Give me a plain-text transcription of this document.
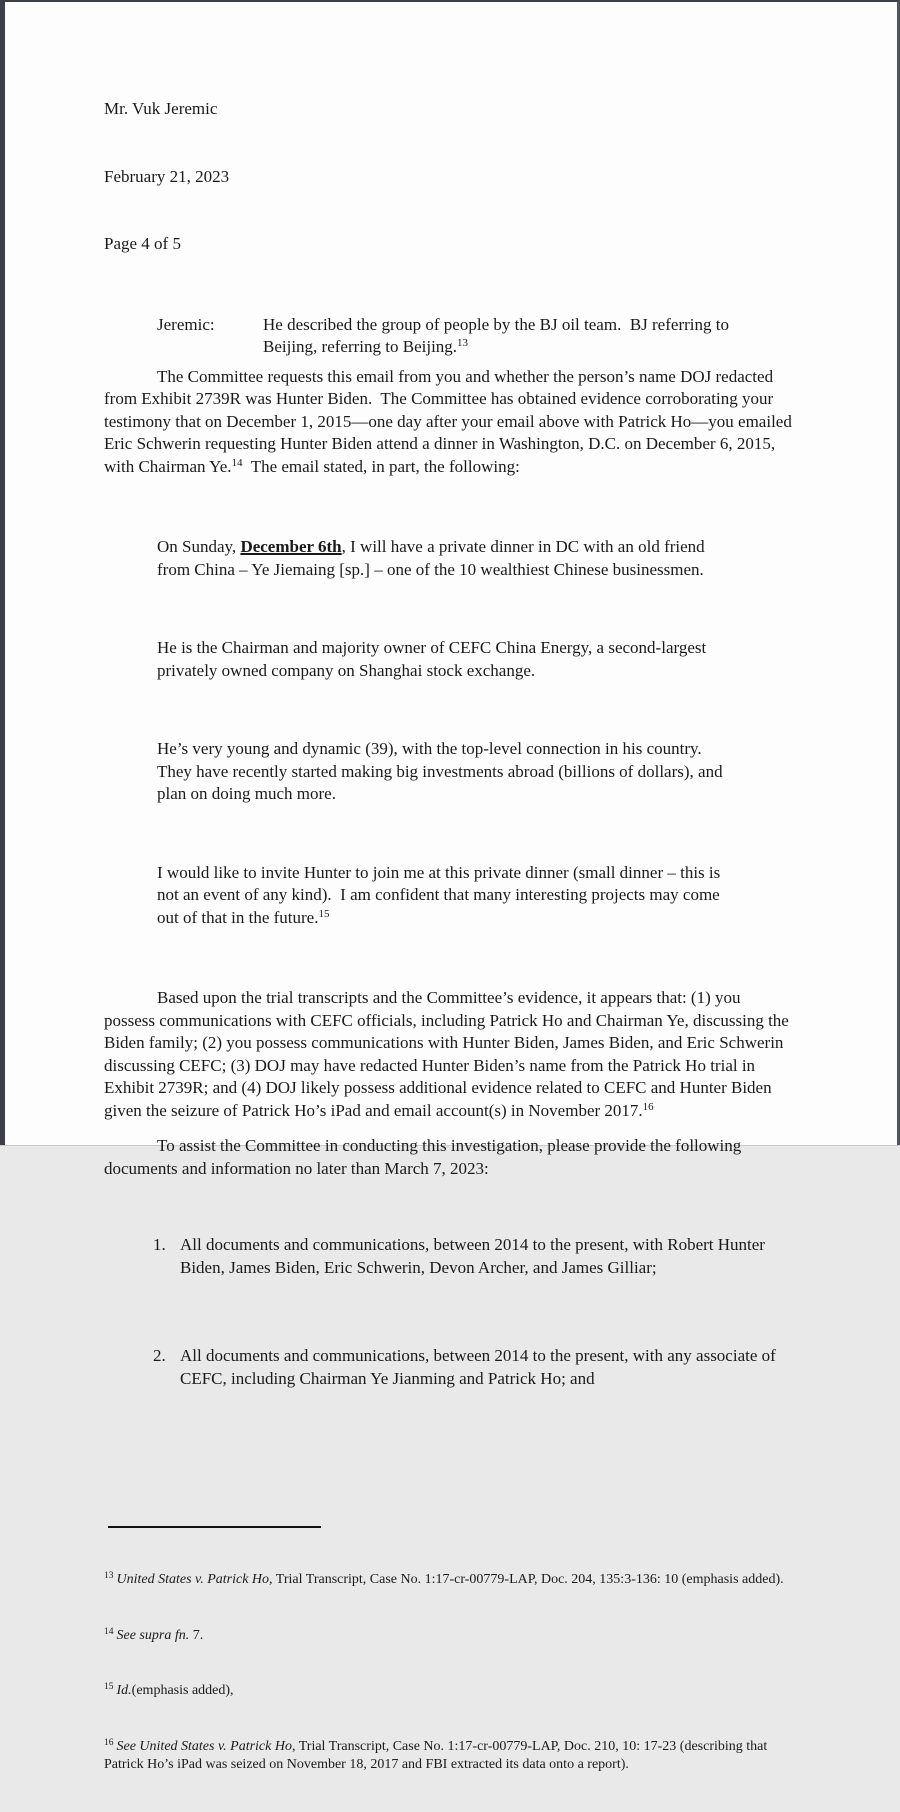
Mr. Vuk Jeremic

February 21, 2023

Page 4 of 5

Jeremic:	He described the group of people by the BJ oil team.  BJ referring to Beijing, referring to Beijing.$^{13}$

The Committee requests this email from you and whether the person’s name DOJ redacted from Exhibit 2739R was Hunter Biden.  The Committee has obtained evidence corroborating your testimony that on December 1, 2015—one day after your email above with Patrick Ho—you emailed Eric Schwerin requesting Hunter Biden attend a dinner in Washington, D.C. on December 6, 2015, with Chairman Ye.$^{14}$  The email stated, in part, the following:

On Sunday, December 6th, I will have a private dinner in DC with an old friend from China – Ye Jiemaing [sp.] – one of the 10 wealthiest Chinese businessmen.

He is the Chairman and majority owner of CEFC China Energy, a second-largest privately owned company on Shanghai stock exchange.

He’s very young and dynamic (39), with the top-level connection in his country. They have recently started making big investments abroad (billions of dollars), and plan on doing much more.

I would like to invite Hunter to join me at this private dinner (small dinner – this is not an event of any kind).  I am confident that many interesting projects may come out of that in the future.$^{15}$

Based upon the trial transcripts and the Committee’s evidence, it appears that: (1) you possess communications with CEFC officials, including Patrick Ho and Chairman Ye, discussing the Biden family; (2) you possess communications with Hunter Biden, James Biden, and Eric Schwerin discussing CEFC; (3) DOJ may have redacted Hunter Biden’s name from the Patrick Ho trial in Exhibit 2739R; and (4) DOJ likely possess additional evidence related to CEFC and Hunter Biden given the seizure of Patrick Ho’s iPad and email account(s) in November 2017.16

To assist the Committee in conducting this investigation, please provide the following documents and information no later than March 7, 2023:

1. All documents and communications, between 2014 to the present, with Robert Hunter Biden, James Biden, Eric Schwerin, Devon Archer, and James Gilliar;

2. All documents and communications, between 2014 to the present, with any associate of CEFC, including Chairman Ye Jianming and Patrick Ho; and

$^{13}$ United States v. Patrick Ho, Trial Transcript, Case No. 1:17-cr-00779-LAP, Doc. 204, 135:3-136: 10 (emphasis added).

$^{14}$ See supra fn. 7.

$^{15}$ Id.(emphasis added),

$^{16}$ See United States v. Patrick Ho, Trial Transcript, Case No. 1:17-cr-00779-LAP, Doc. 210, 10: 17-23 (describing that Patrick Ho’s iPad was seized on November 18, 2017 and FBI extracted its data onto a report).
